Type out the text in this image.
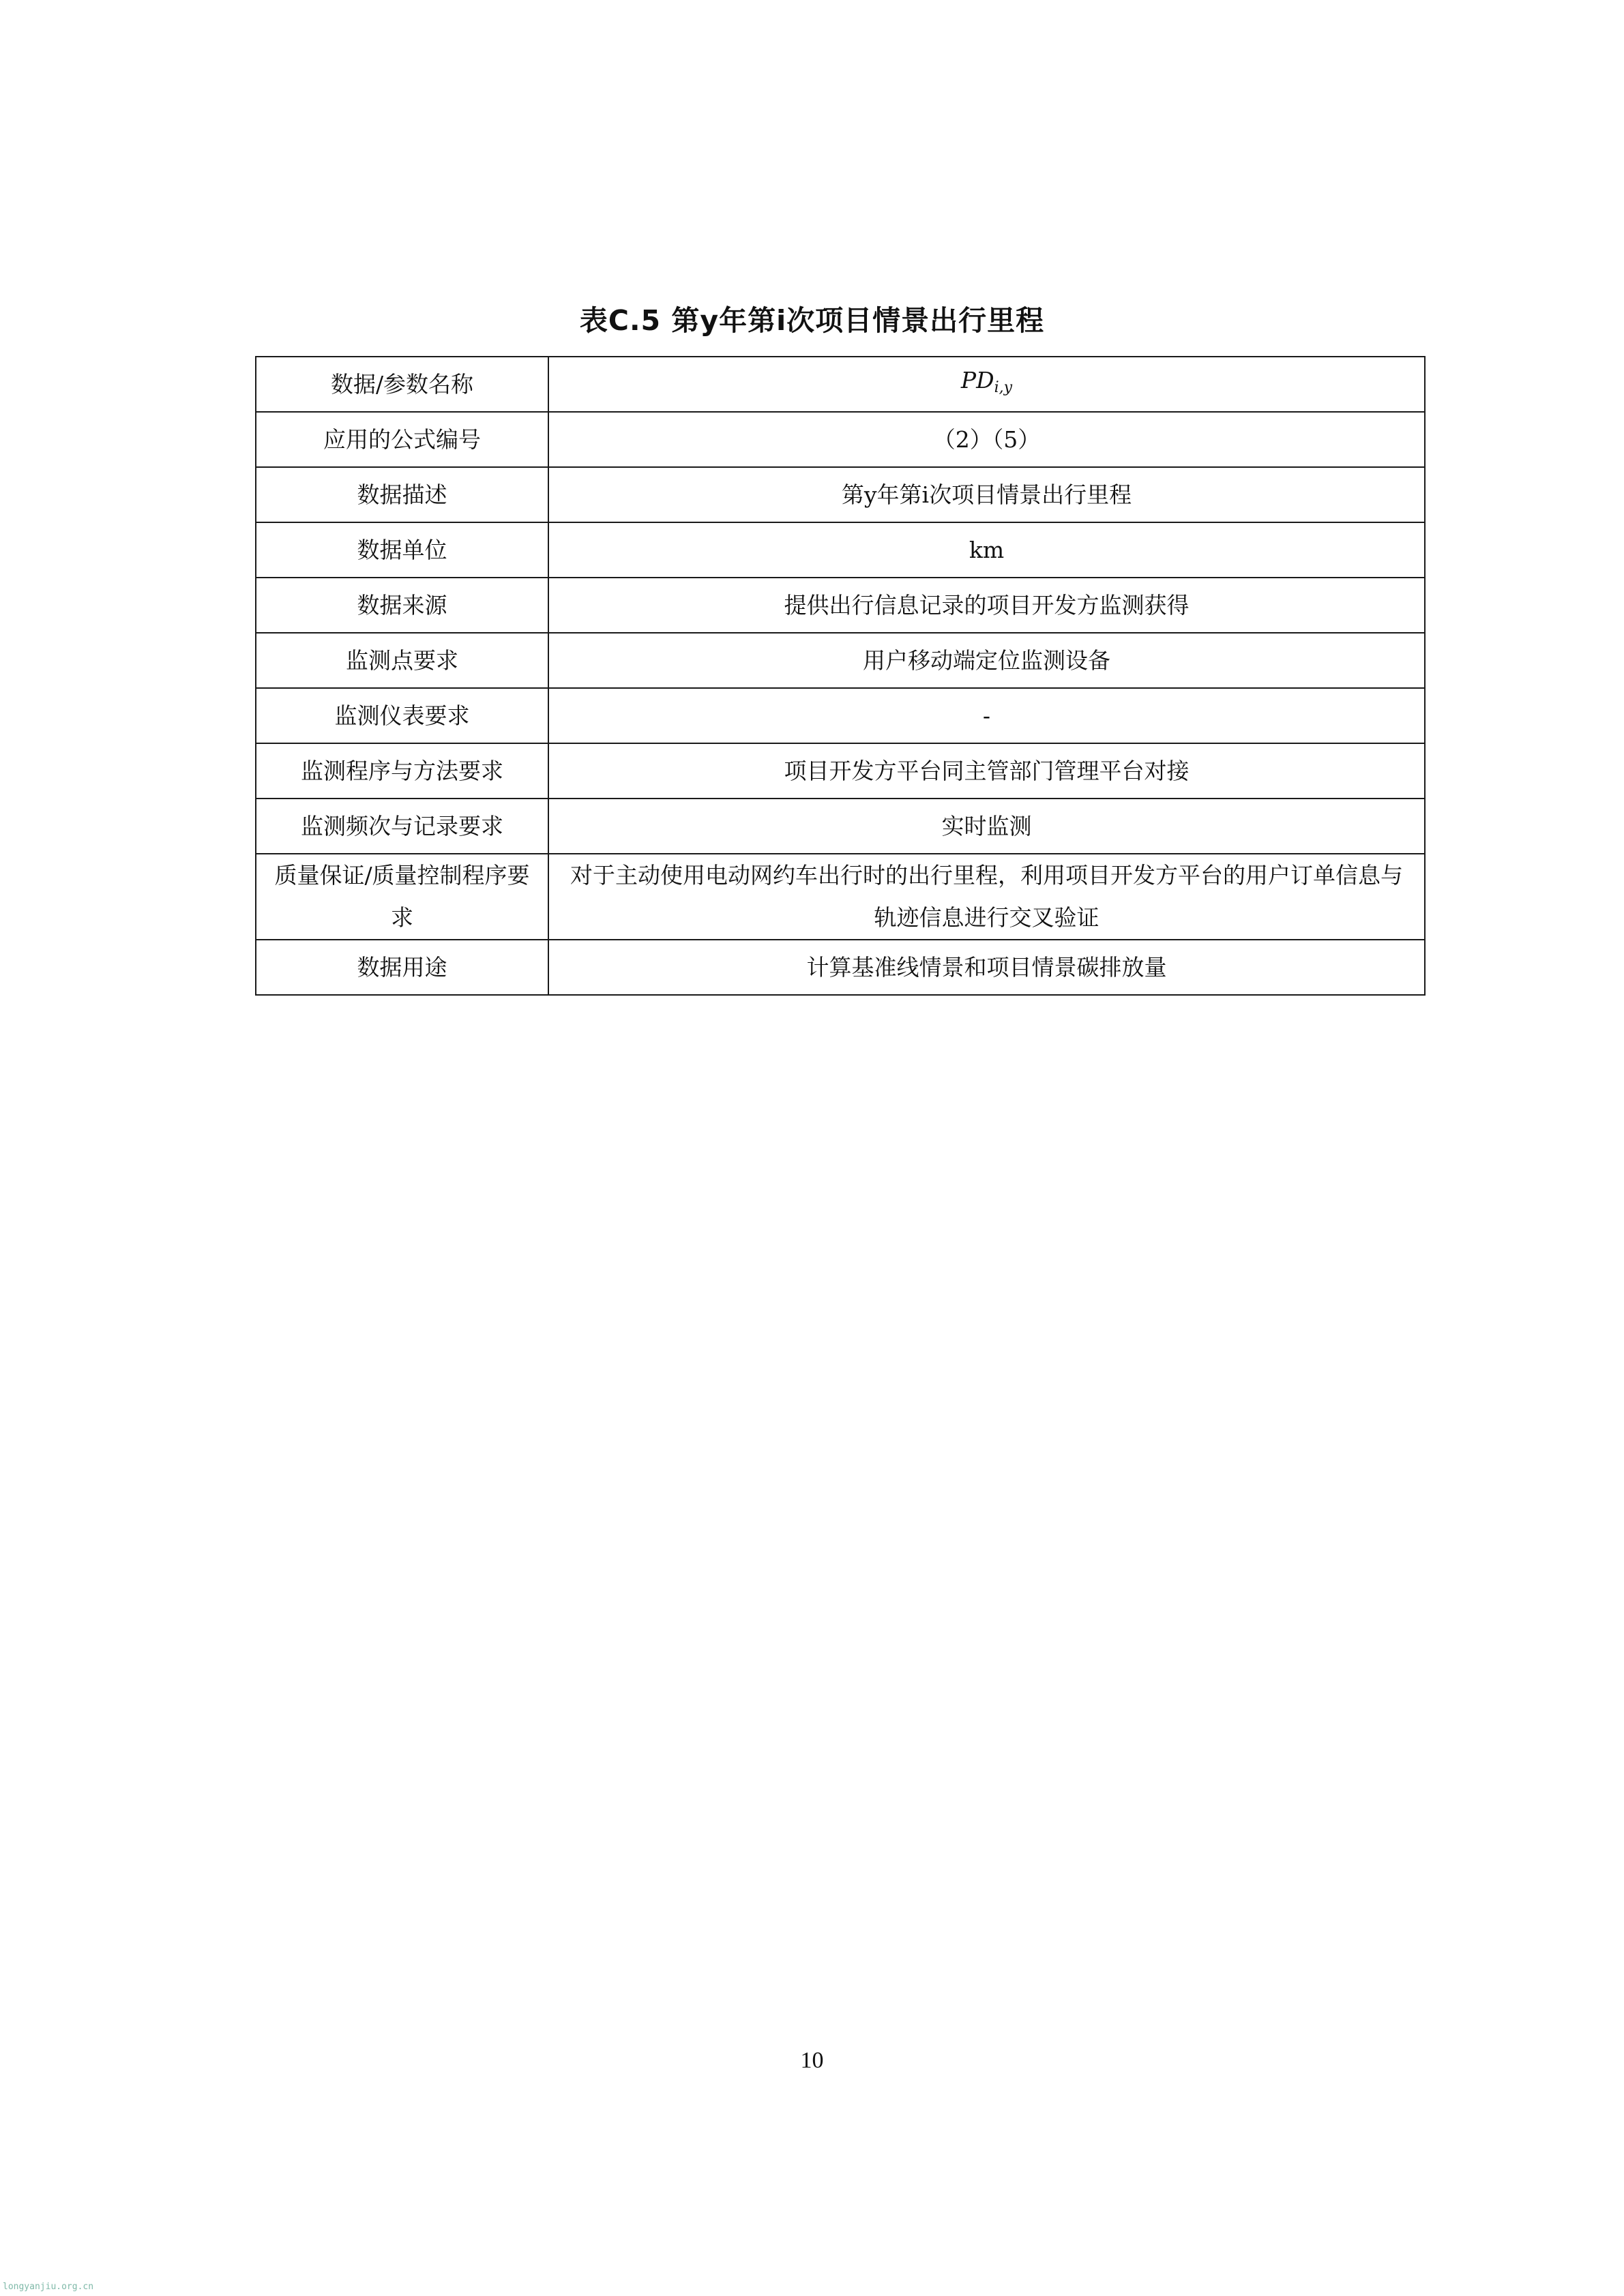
表C.5 第y年第i次项目情景出行里程
数据/参数名称	$PD_{i,y}$
应用的公式编号	（2）（5）
数据描述	第y年第i次项目情景出行里程
数据单位	km
数据来源	提供出行信息记录的项目开发方监测获得
监测点要求	用户移动端定位监测设备
监测仪表要求	-
监测程序与方法要求	项目开发方平台同主管部门管理平台对接
监测频次与记录要求	实时监测
质量保证/质量控制程序要求	对于主动使用电动网约车出行时的出行里程，利用项目开发方平台的用户订单信息与轨迹信息进行交叉验证
数据用途	计算基准线情景和项目情景碳排放量
10
longyanjiu.org.cn
